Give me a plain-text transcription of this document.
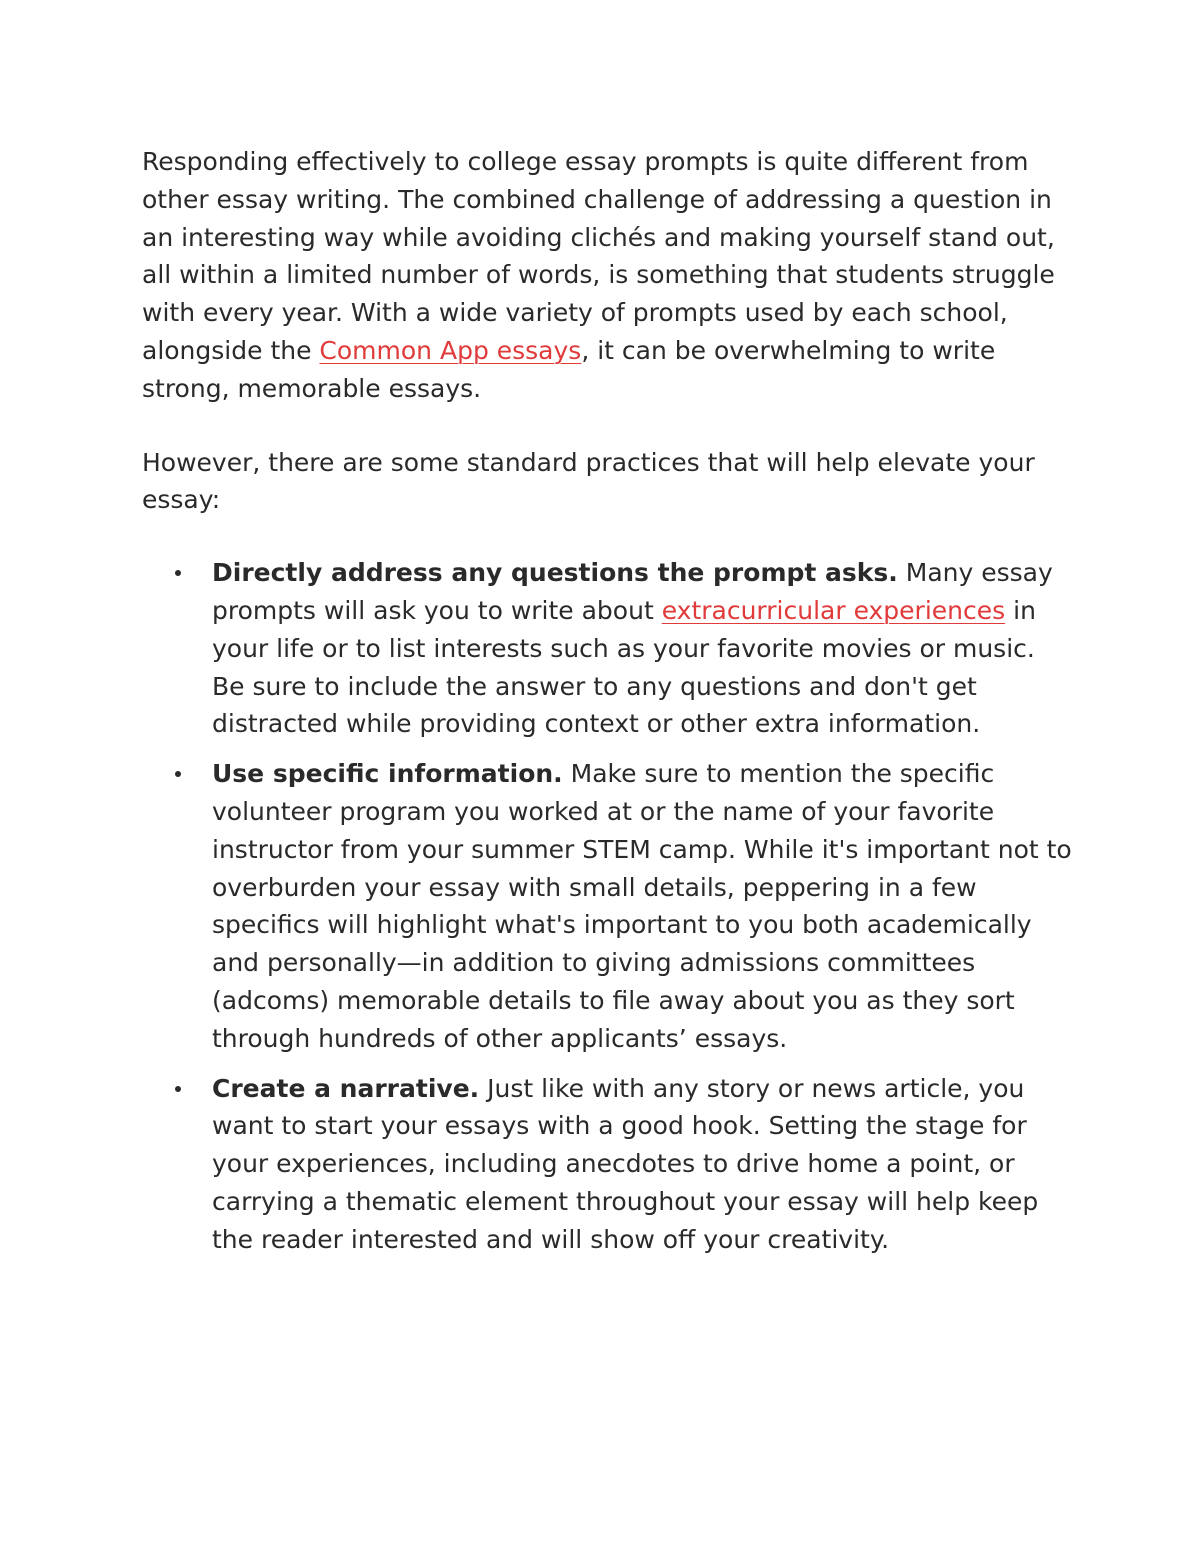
Responding effectively to college essay prompts is quite different from other essay writing. The combined challenge of addressing a question in an interesting way while avoiding clichés and making yourself stand out, all within a limited number of words, is something that students struggle with every year. With a wide variety of prompts used by each school, alongside the Common App essays, it can be overwhelming to write strong, memorable essays.

However, there are some standard practices that will help elevate your essay:

Directly address any questions the prompt asks. Many essay prompts will ask you to write about extracurricular experiences in your life or to list interests such as your favorite movies or music. Be sure to include the answer to any questions and don't get distracted while providing context or other extra information.
Use specific information. Make sure to mention the specific volunteer program you worked at or the name of your favorite instructor from your summer STEM camp. While it's important not to overburden your essay with small details, peppering in a few specifics will highlight what's important to you both academically and personally—in addition to giving admissions committees (adcoms) memorable details to file away about you as they sort through hundreds of other applicants’ essays.
Create a narrative. Just like with any story or news article, you want to start your essays with a good hook. Setting the stage for your experiences, including anecdotes to drive home a point, or carrying a thematic element throughout your essay will help keep the reader interested and will show off your creativity.
